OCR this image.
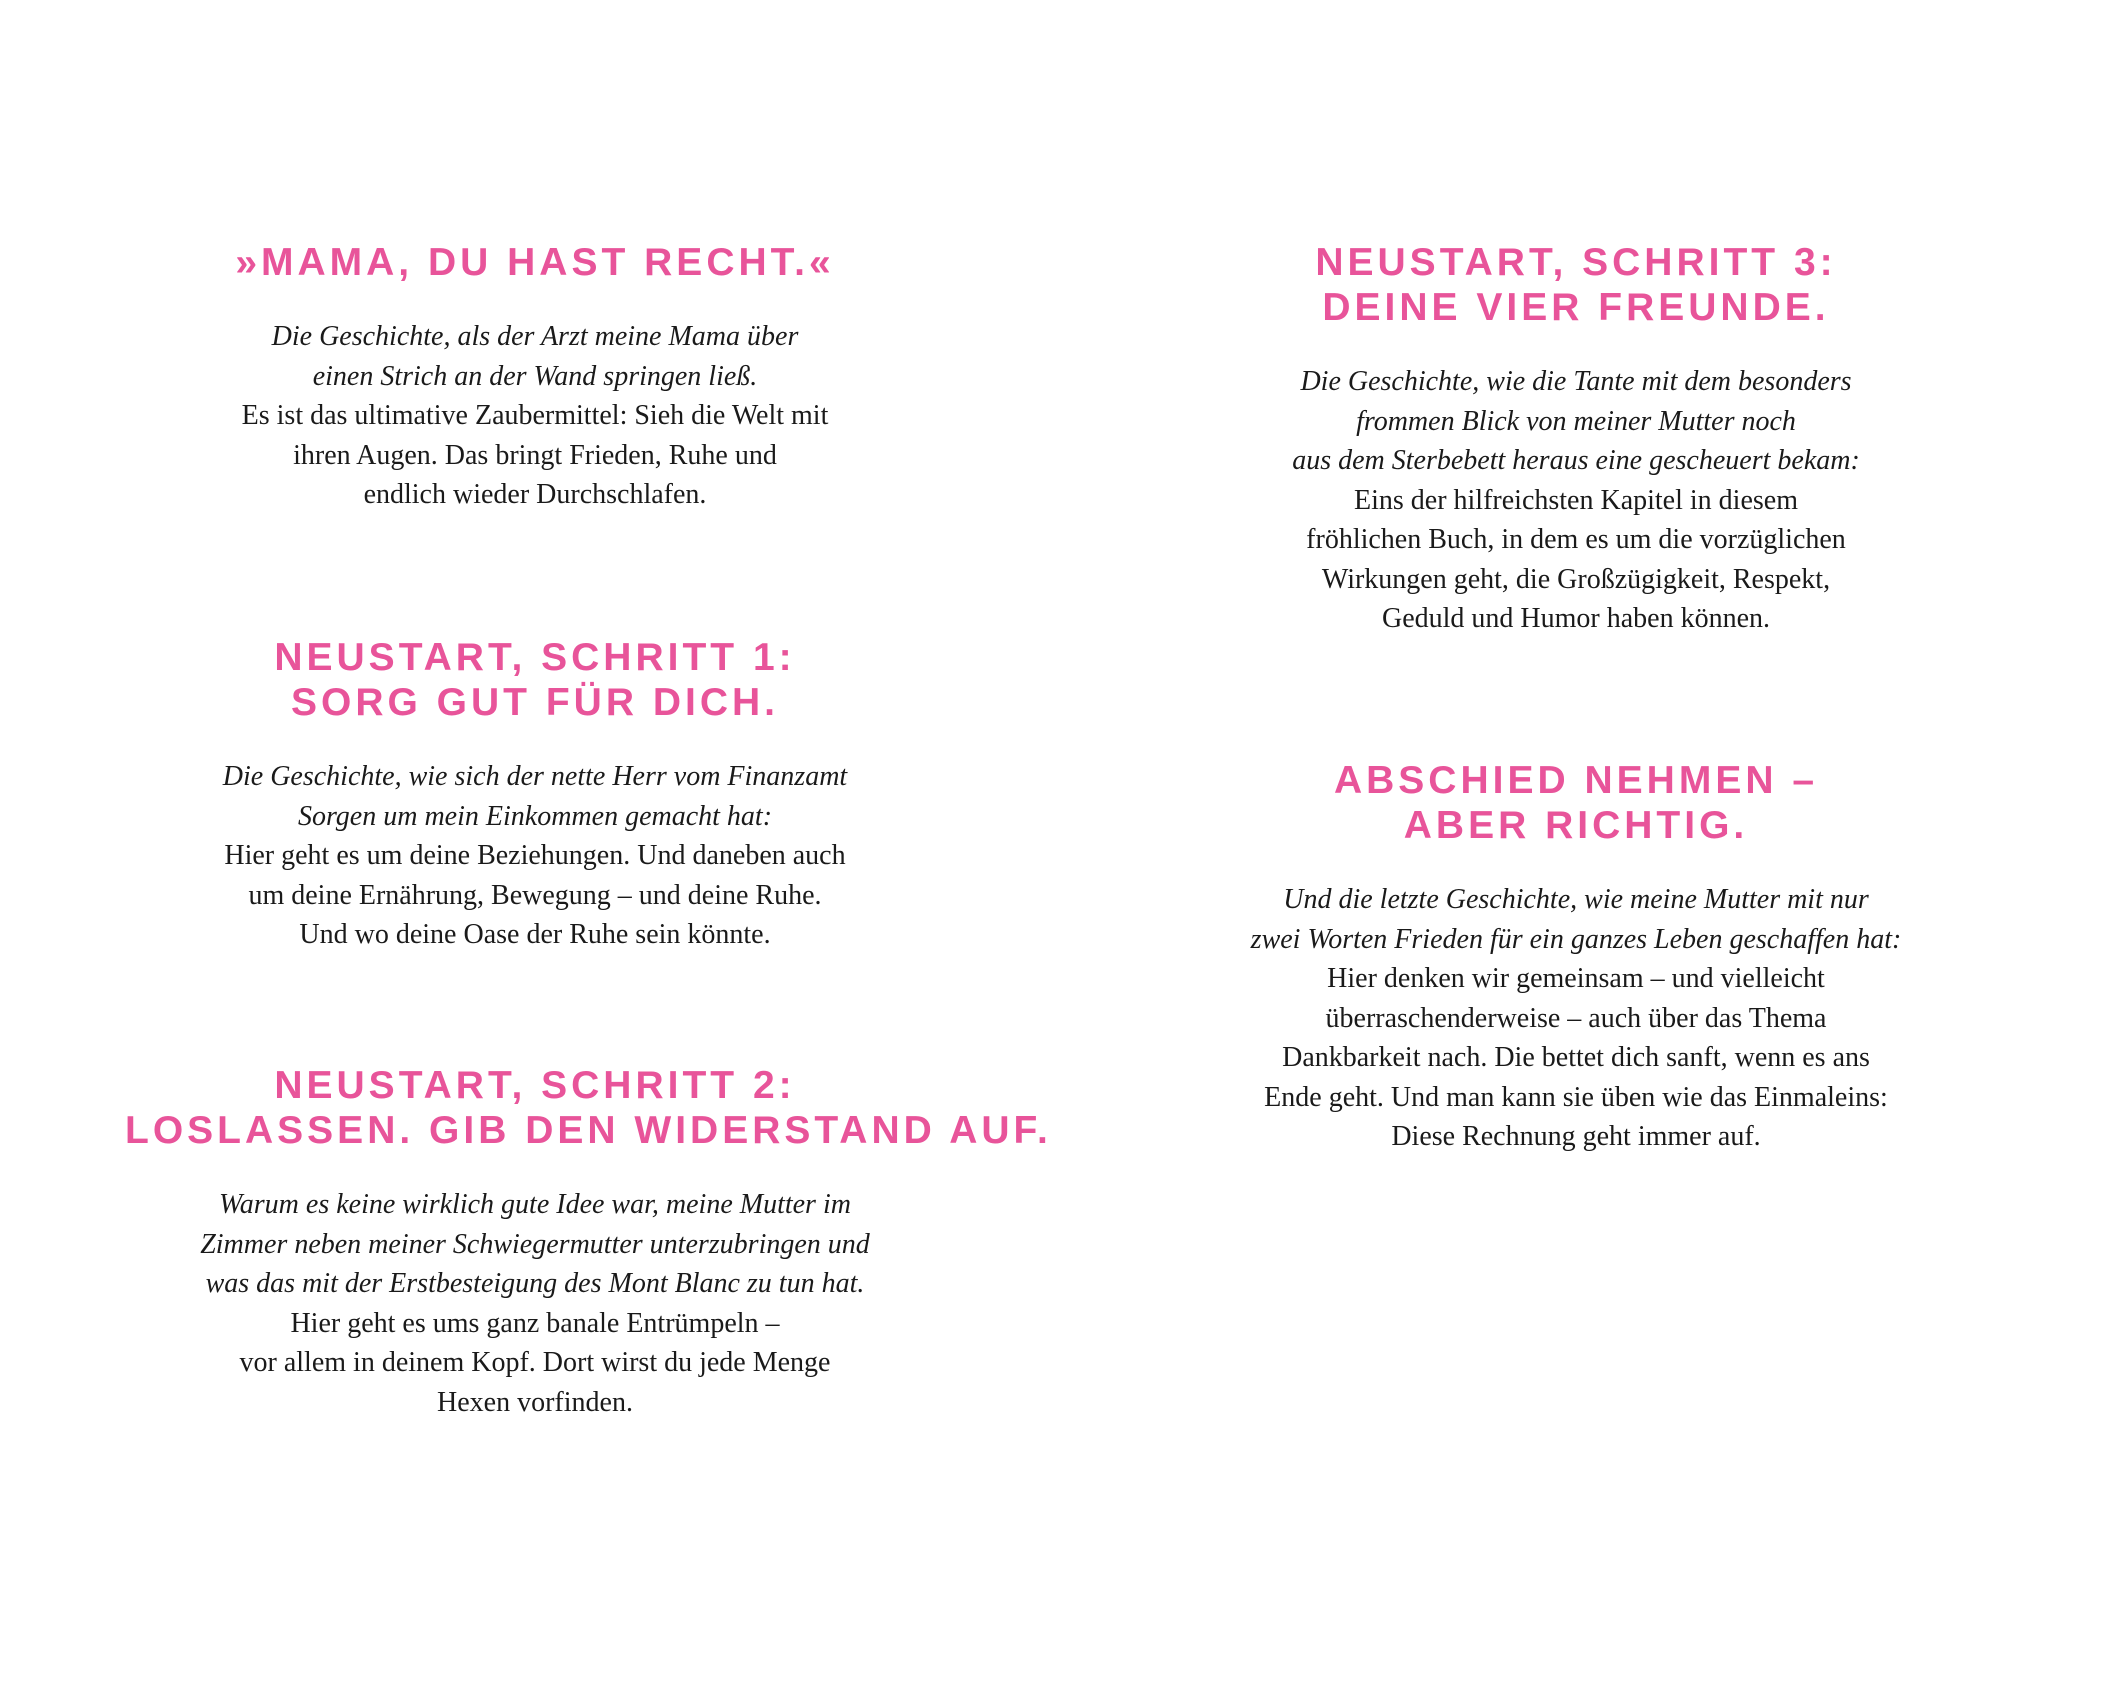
»MAMA, DU HAST RECHT.«
Die Geschichte, als der Arzt meine Mama über
einen Strich an der Wand springen ließ.
Es ist das ultimative Zaubermittel: Sieh die Welt mit
ihren Augen. Das bringt Frieden, Ruhe und
endlich wieder Durchschlafen.
NEUSTART, SCHRITT 1:
SORG GUT FÜR DICH.
Die Geschichte, wie sich der nette Herr vom Finanzamt
Sorgen um mein Einkommen gemacht hat:
Hier geht es um deine Beziehungen. Und daneben auch
um deine Ernährung, Bewegung – und deine Ruhe.
Und wo deine Oase der Ruhe sein könnte.
NEUSTART, SCHRITT 2:
LOSLASSEN. GIB DEN WIDERSTAND AUF.
Warum es keine wirklich gute Idee war, meine Mutter im
Zimmer neben meiner Schwiegermutter unterzubringen und
was das mit der Erstbesteigung des Mont Blanc zu tun hat.
Hier geht es ums ganz banale Entrümpeln –
vor allem in deinem Kopf. Dort wirst du jede Menge
Hexen vorfinden.
NEUSTART, SCHRITT 3:
DEINE VIER FREUNDE.
Die Geschichte, wie die Tante mit dem besonders
frommen Blick von meiner Mutter noch
aus dem Sterbebett heraus eine gescheuert bekam:
Eins der hilfreichsten Kapitel in diesem
fröhlichen Buch, in dem es um die vorzüglichen
Wirkungen geht, die Großzügigkeit, Respekt,
Geduld und Humor haben können.
ABSCHIED NEHMEN –
ABER RICHTIG.
Und die letzte Geschichte, wie meine Mutter mit nur
zwei Worten Frieden für ein ganzes Leben geschaffen hat:
Hier denken wir gemeinsam – und vielleicht
überraschenderweise – auch über das Thema
Dankbarkeit nach. Die bettet dich sanft, wenn es ans
Ende geht. Und man kann sie üben wie das Einmaleins:
Diese Rechnung geht immer auf.
